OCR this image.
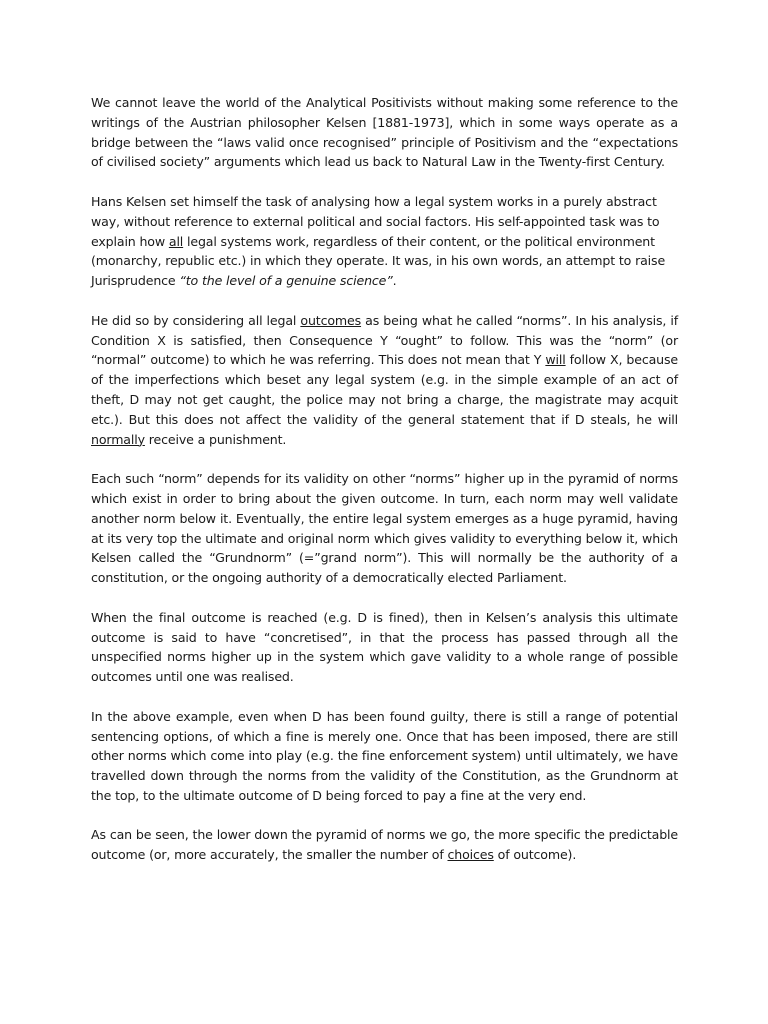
We cannot leave the world of the Analytical Positivists without making some reference to the writings of the Austrian philosopher Kelsen [1881-1973], which in some ways operate as a bridge between the “laws valid once recognised” principle of Positivism and the “expectations of civilised society” arguments which lead us back to Natural Law in the Twenty-first Century.

Hans Kelsen set himself the task of analysing how a legal system works in a purely abstract way, without reference to external political and social factors. His self-appointed task was to explain how all legal systems work, regardless of their content, or the political environment (monarchy, republic etc.) in which they operate. It was, in his own words, an attempt to raise Jurisprudence “to the level of a genuine science”.

He did so by considering all legal outcomes as being what he called “norms”. In his analysis, if Condition X is satisfied, then Consequence Y “ought” to follow. This was the “norm” (or “normal” outcome) to which he was referring. This does not mean that Y will follow X, because of the imperfections which beset any legal system (e.g. in the simple example of an act of theft, D may not get caught, the police may not bring a charge, the magistrate may acquit etc.). But this does not affect the validity of the general statement that if D steals, he will normally receive a punishment.

Each such “norm” depends for its validity on other “norms” higher up in the pyramid of norms which exist in order to bring about the given outcome. In turn, each norm may well validate another norm below it. Eventually, the entire legal system emerges as a huge pyramid, having at its very top the ultimate and original norm which gives validity to everything below it, which Kelsen called the “Grundnorm” (=”grand norm”). This will normally be the authority of a constitution, or the ongoing authority of a democratically elected Parliament.

When the final outcome is reached (e.g. D is fined), then in Kelsen’s analysis this ultimate outcome is said to have “concretised”, in that the process has passed through all the unspecified norms higher up in the system which gave validity to a whole range of possible outcomes until one was realised.

In the above example, even when D has been found guilty, there is still a range of potential sentencing options, of which a fine is merely one. Once that has been imposed, there are still other norms which come into play (e.g. the fine enforcement system) until ultimately, we have travelled down through the norms from the validity of the Constitution, as the Grundnorm at the top, to the ultimate outcome of D being forced to pay a fine at the very end.

As can be seen, the lower down the pyramid of norms we go, the more specific the predictable outcome (or, more accurately, the smaller the number of choices of outcome).
